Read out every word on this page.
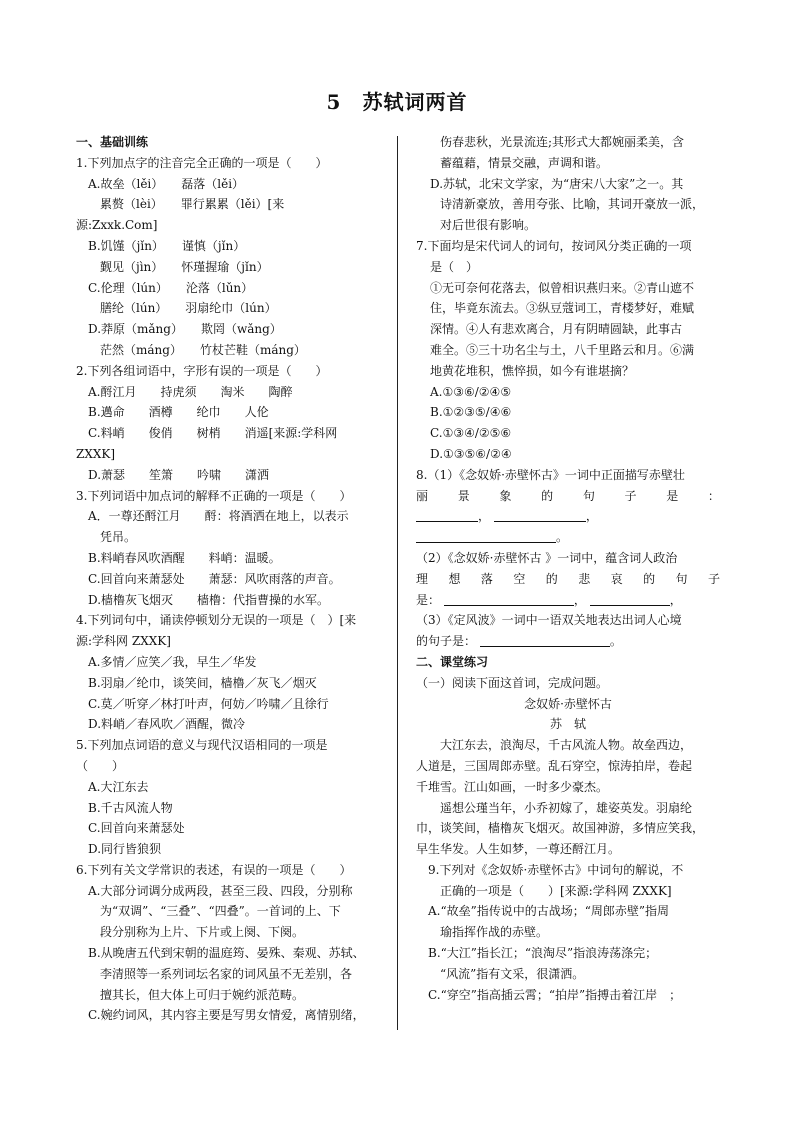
5　苏轼词两首
一、基础训练
1.下列加点字的注音完全正确的一项是（　　）
A.故垒（lěi）　　磊落（lěi）
累赘（lèi）　　罪行累累（lěi）[来
源:Zxxk.Com]
B.饥馑（jǐn）　　谨慎（jǐn）
觐见（jìn）　　怀瑾握瑜（jǐn）
C.伦理（lún）　　沦落（lǔn）
膳纶（lún）　　羽扇纶巾（lún）
D.莽原（mǎng）　　欺罔（wǎng）
茫然（máng）　　竹杖芒鞋（máng）
2.下列各组词语中，字形有误的一项是（　　）
A.酹江月　　持虎须　　淘米　　陶醉
B.邁命　　酒樽　　纶巾　　人伦
C.料峭　　俊俏　　树梢　　消遥[来源:学科网
ZXXK]
D.萧瑟　　笙箫　　吟啸　　潇洒
3.下列词语中加点词的解释不正确的一项是（　　）
A．一尊还酹江月　　酹：将酒洒在地上，以表示
凭吊。
B.料峭春风吹酒醒　　料峭：温暖。
C.回首向来萧瑟处　　萧瑟：风吹雨落的声音。
D.樯橹灰飞烟灭　　樯橹：代指曹操的水军。
4.下列词句中，诵读停顿划分无误的一项是（　）[来
源:学科网 ZXXK]
A.多情／应笑／我，早生／华发
B.羽扇／纶巾，谈笑间，樯橹／灰飞／烟灭
C.莫／听穿／林打叶声，何妨／吟啸／且徐行
D.料峭／春风吹／酒醒，微冷
5.下列加点词语的意义与现代汉语相同的一项是
（　　）
A.大江东去
B.千古风流人物
C.回首向来萧瑟处
D.同行皆狼狈
6.下列有关文学常识的表述，有误的一项是（　　）
A.大部分词调分成两段，甚至三段、四段，分别称
为“双调”、“三叠”、“四叠”。一首词的上、下
段分别称为上片、下片或上阕、下阕。
B.从晚唐五代到宋朝的温庭筠、晏殊、秦观、苏轼、
李清照等一系列词坛名家的词风虽不无差别，各
擅其长，但大体上可归于婉约派范畴。
C.婉约词风，其内容主要是写男女情爱，离情别绪，
伤春悲秋，光景流连;其形式大都婉丽柔美，含
蓄蕴藉，情景交融，声调和谐。
D.苏轼，北宋文学家，为“唐宋八大家”之一。其
诗清新豪放，善用夸张、比喻，其词开豪放一派，
对后世很有影响。
7.下面均是宋代词人的词句，按词风分类正确的一项
是（　）
①无可奈何花落去，似曾相识燕归来。②青山遮不
住，毕竟东流去。③纵豆蔻词工，青楼梦好，难赋
深情。④人有悲欢离合，月有阴晴圆缺，此事古
难全。⑤三十功名尘与土，八千里路云和月。⑥满
地黄花堆积，憔悴损，如今有谁堪摘？
A.①③⑥/②④⑤
B.①②③⑤/④⑥
C.①③④/②⑤⑥
D.①③⑤⑥/②④
8.（1）《念奴娇·赤壁怀古》一词中正面描写赤壁壮
丽 景 象 的 句 子 是 ：
，	，
。
（2）《念奴娇·赤壁怀古 》一词中，蕴含词人政治
理 想 落 空 的 悲 哀 的 句 子
是：	，	，
（3）《定风波》一词中一语双关地表达出词人心境
的句子是：	。
二、课堂练习
（一）阅读下面这首词，完成问题。
念奴娇·赤壁怀古
苏　轼
　　大江东去，浪淘尽，千古风流人物。故垒西边，
人道是，三国周郎赤壁。乱石穿空，惊涛拍岸，卷起
千堆雪。江山如画，一时多少豪杰。
　　遥想公瑾当年，小乔初嫁了，雄姿英发。羽扇纶
巾，谈笑间，樯橹灰飞烟灭。故国神游，多情应笑我，
早生华发。人生如梦，一尊还酹江月。
9.下列对《念奴娇·赤壁怀古》中词句的解说，不
正确的一项是（　　）[来源:学科网 ZXXK]
A.“故垒”指传说中的古战场；“周郎赤壁”指周
瑜指挥作战的赤壁。
B.“大江”指长江；“浪淘尽”指浪涛荡涤完；
“风流”指有文采，很潇洒。
C.“穿空”指高插云霄；“拍岸”指搏击着江岸　；
